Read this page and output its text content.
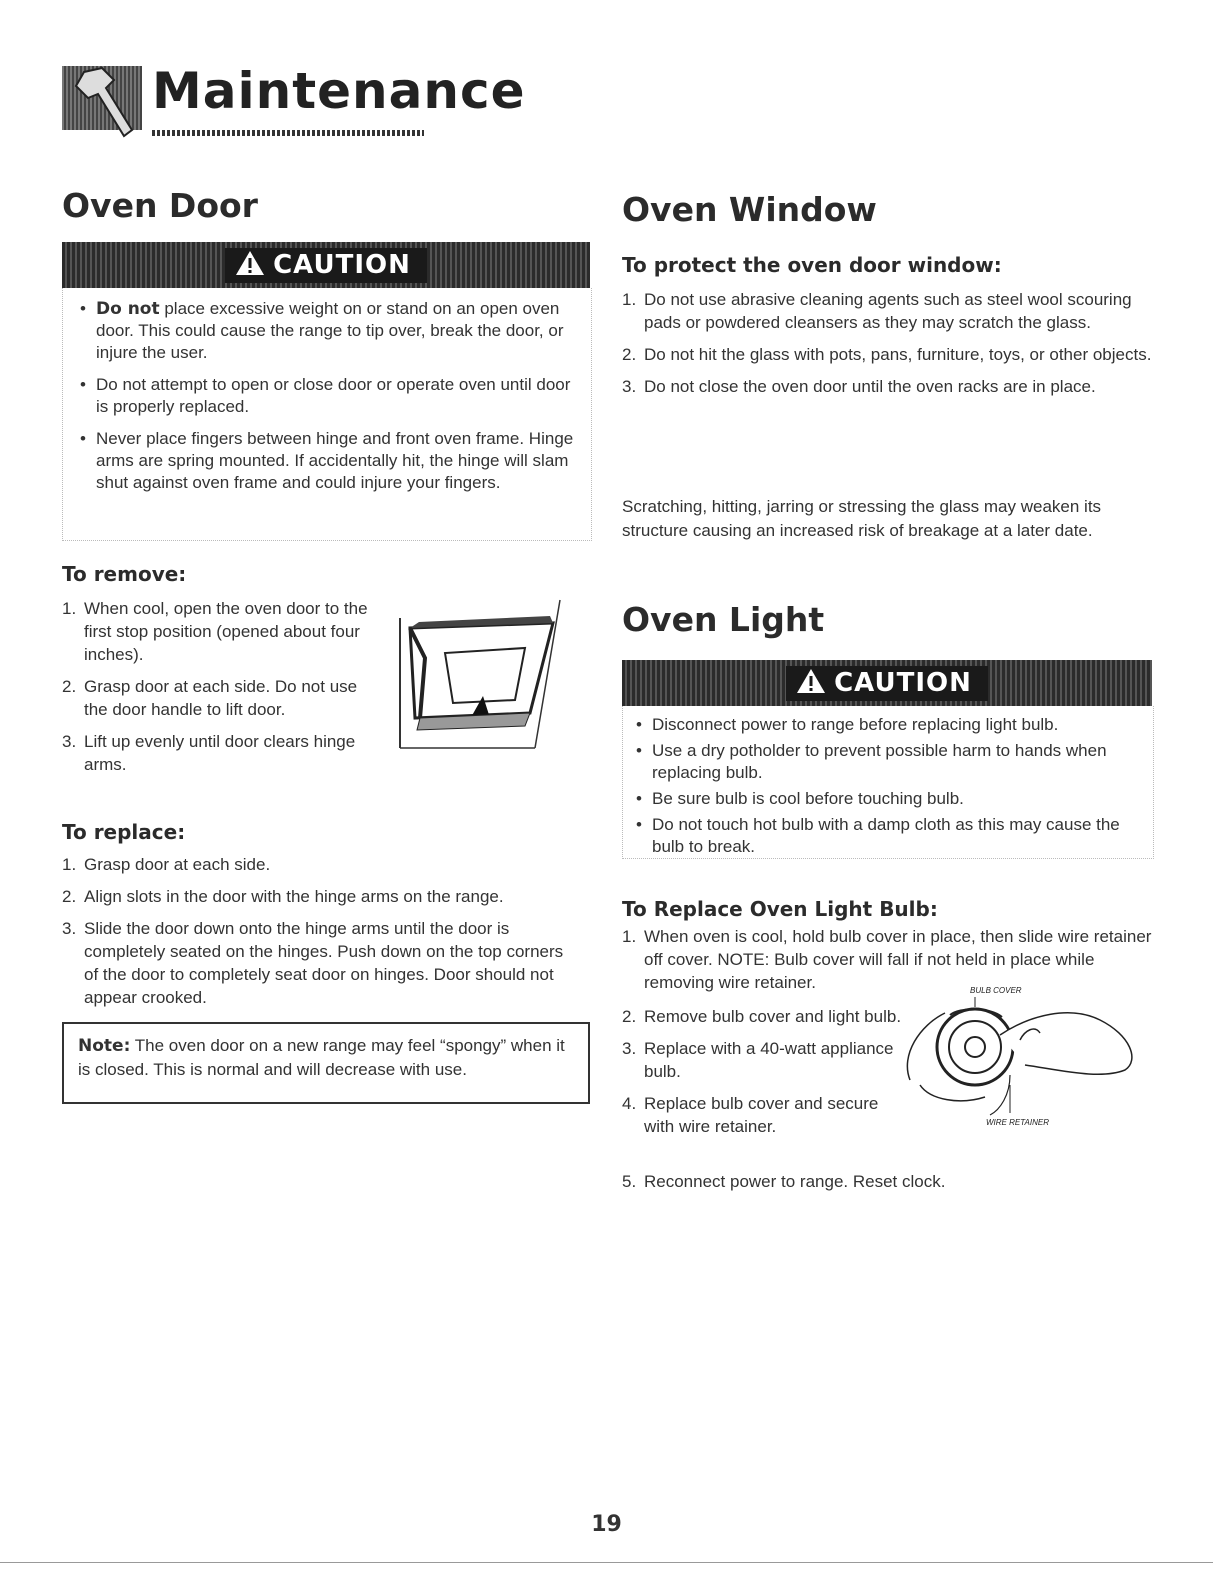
Maintenance
Oven Door
CAUTION
• Do not place excessive weight on or stand on an open oven door. This could cause the range to tip over, break the door, or injure the user.
• Do not attempt to open or close door or operate oven until door is properly replaced.
• Never place fingers between hinge and front oven frame. Hinge arms are spring mounted. If accidentally hit, the hinge will slam shut against oven frame and could injure your fingers.
To remove:
1. When cool, open the oven door to the first stop position (opened about four inches).
2. Grasp door at each side. Do not use the door handle to lift door.
3. Lift up evenly until door clears hinge arms.
To replace:
1. Grasp door at each side.
2. Align slots in the door with the hinge arms on the range.
3. Slide the door down onto the hinge arms until the door is completely seated on the hinges. Push down on the top corners of the door to completely seat door on hinges. Door should not appear crooked.

Note: The oven door on a new range may feel “spongy” when it is closed. This is normal and will decrease with use.

Oven Window
To protect the oven door window:
1. Do not use abrasive cleaning agents such as steel wool scouring pads or powdered cleansers as they may scratch the glass.
2. Do not hit the glass with pots, pans, furniture, toys, or other objects.
3. Do not close the oven door until the oven racks are in place.

Scratching, hitting, jarring or stressing the glass may weaken its structure causing an increased risk of breakage at a later date.

Oven Light
CAUTION
• Disconnect power to range before replacing light bulb.
• Use a dry potholder to prevent possible harm to hands when replacing bulb.
• Be sure bulb is cool before touching bulb.
• Do not touch hot bulb with a damp cloth as this may cause the bulb to break.
To Replace Oven Light Bulb:
1. When oven is cool, hold bulb cover in place, then slide wire retainer off cover. NOTE: Bulb cover will fall if not held in place while removing wire retainer.
2. Remove bulb cover and light bulb.
3. Replace with a 40-watt appliance bulb.
4. Replace bulb cover and secure with wire retainer.
5. Reconnect power to range. Reset clock.
BULB COVER
WIRE RETAINER
19
